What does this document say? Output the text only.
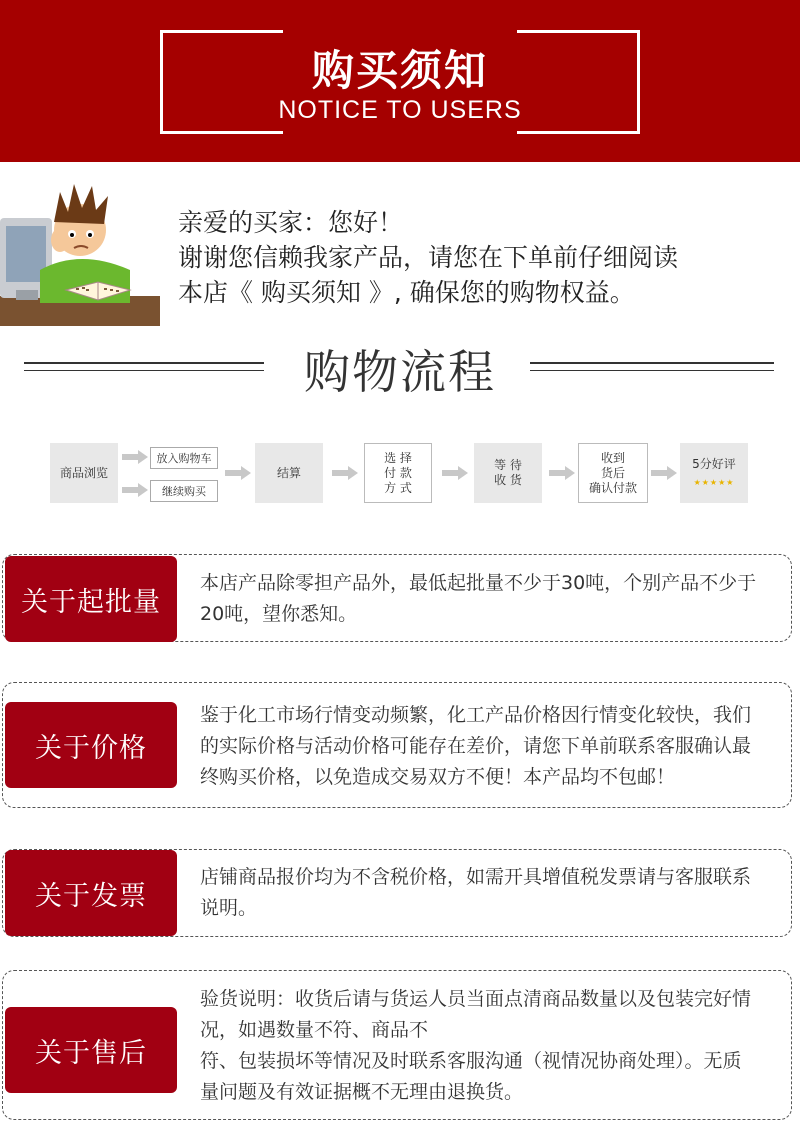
购买须知
NOTICE TO USERS
亲爱的买家：您好！
谢谢您信赖我家产品，请您在下单前仔细阅读
本店《 购买须知 》, 确保您的购物权益。
购物流程
商品浏览
放入购物车
继续购买
结算
选 择
付 款
方 式
等 待
收 货
收到
货后
确认付款
5分好评
★★★★★
关于起批量
本店产品除零担产品外，最低起批量不少于30吨，个别产品不少于
20吨，望你悉知。
关于价格
鉴于化工市场行情变动频繁，化工产品价格因行情变化较快，我们
的实际价格与活动价格可能存在差价，请您下单前联系客服确认最
终购买价格，以免造成交易双方不便！本产品均不包邮！
关于发票
店铺商品报价均为不含税价格，如需开具增值税发票请与客服联系
说明。
关于售后
验货说明：收货后请与货运人员当面点清商品数量以及包装完好情
况，如遇数量不符、商品不
符、包装损坏等情况及时联系客服沟通（视情况协商处理）。无质
量问题及有效证据概不无理由退换货。
